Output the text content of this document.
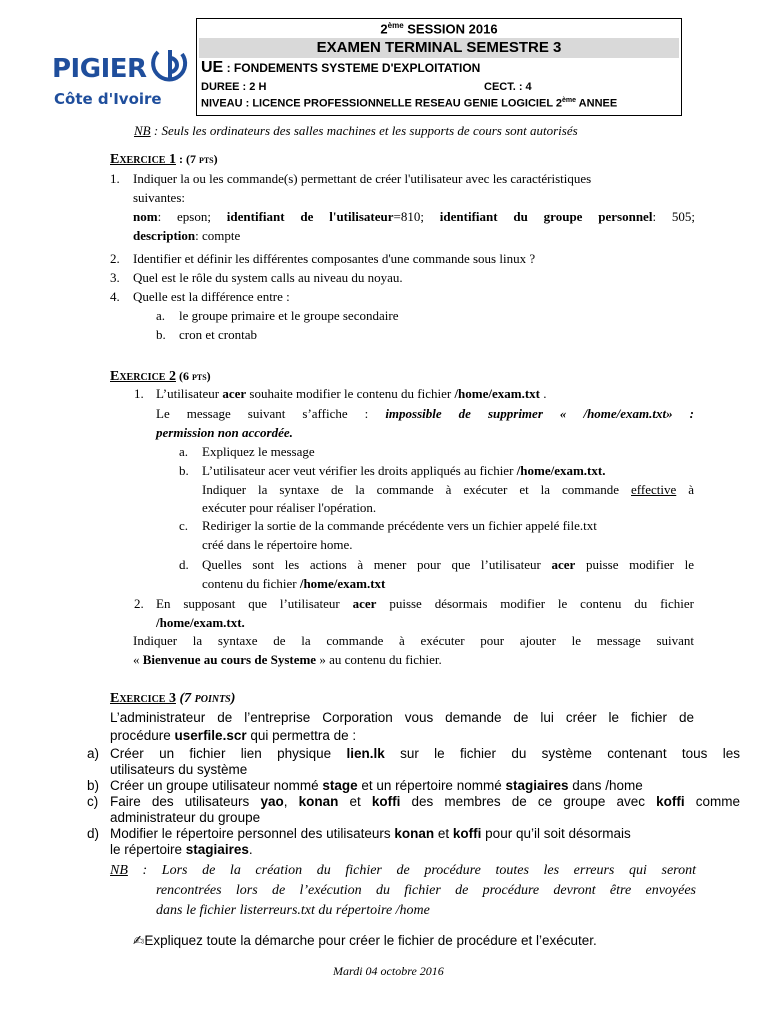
PIGIER
Côte d'Ivoire
2ème SESSION 2016
EXAMEN TERMINAL SEMESTRE 3
UE : FONDEMENTS SYSTEME D'EXPLOITATION
DUREE : 2 H	CECT. : 4
NIVEAU : LICENCE PROFESSIONNELLE RESEAU GENIE LOGICIEL 2ème ANNEE
NB : Seuls les ordinateurs des salles machines et les supports de cours sont autorisés
Exercice 1 : (7 pts)
1. Indiquer la ou les commande(s) permettant de créer l'utilisateur avec les caractéristiques
suivantes:
nom: epson; identifiant de l'utilisateur=810; identifiant du groupe personnel: 505;
description: compte
2. Identifier et définir les différentes composantes d'une commande sous linux ?
3. Quel est le rôle du system calls au niveau du noyau.
4. Quelle est la différence entre :
a. le groupe primaire et le groupe secondaire
b. cron et crontab
Exercice 2 (6 pts)
1. L’utilisateur acer souhaite modifier le contenu du fichier /home/exam.txt .
Le message suivant s’affiche : impossible de supprimer « /home/exam.txt» :
permission non accordée.
a. Expliquez le message
b. L’utilisateur acer veut vérifier les droits appliqués au fichier /home/exam.txt.
Indiquer la syntaxe de la commande à exécuter et la commande effective à
exécuter pour réaliser l'opération.
c. Rediriger la sortie de la commande précédente vers un fichier appelé file.txt
créé dans le répertoire home.
d. Quelles sont les actions à mener pour que l’utilisateur acer puisse modifier le
contenu du fichier /home/exam.txt
2. En supposant que l’utilisateur acer puisse désormais modifier le contenu du fichier
/home/exam.txt.
Indiquer la syntaxe de la commande à exécuter pour ajouter le message suivant
« Bienvenue au cours de Systeme » au contenu du fichier.
Exercice 3 (7 points)
L’administrateur de l’entreprise Corporation vous demande de lui créer le fichier de
procédure userfile.scr qui permettra de :
a) Créer un fichier lien physique lien.lk sur le fichier du système contenant tous les
utilisateurs du système
b) Créer un groupe utilisateur nommé stage et un répertoire nommé stagiaires dans /home
c) Faire des utilisateurs yao, konan et koffi des membres de ce groupe avec koffi comme
administrateur du groupe
d) Modifier le répertoire personnel des utilisateurs konan et koffi pour qu’il soit désormais
le répertoire stagiaires.
NB : Lors de la création du fichier de procédure toutes les erreurs qui seront
rencontrées lors de l’exécution du fichier de procédure devront être envoyées
dans le fichier listerreurs.txt du répertoire /home
✍Expliquez toute la démarche pour créer le fichier de procédure et l’exécuter.
Mardi 04 octobre 2016
